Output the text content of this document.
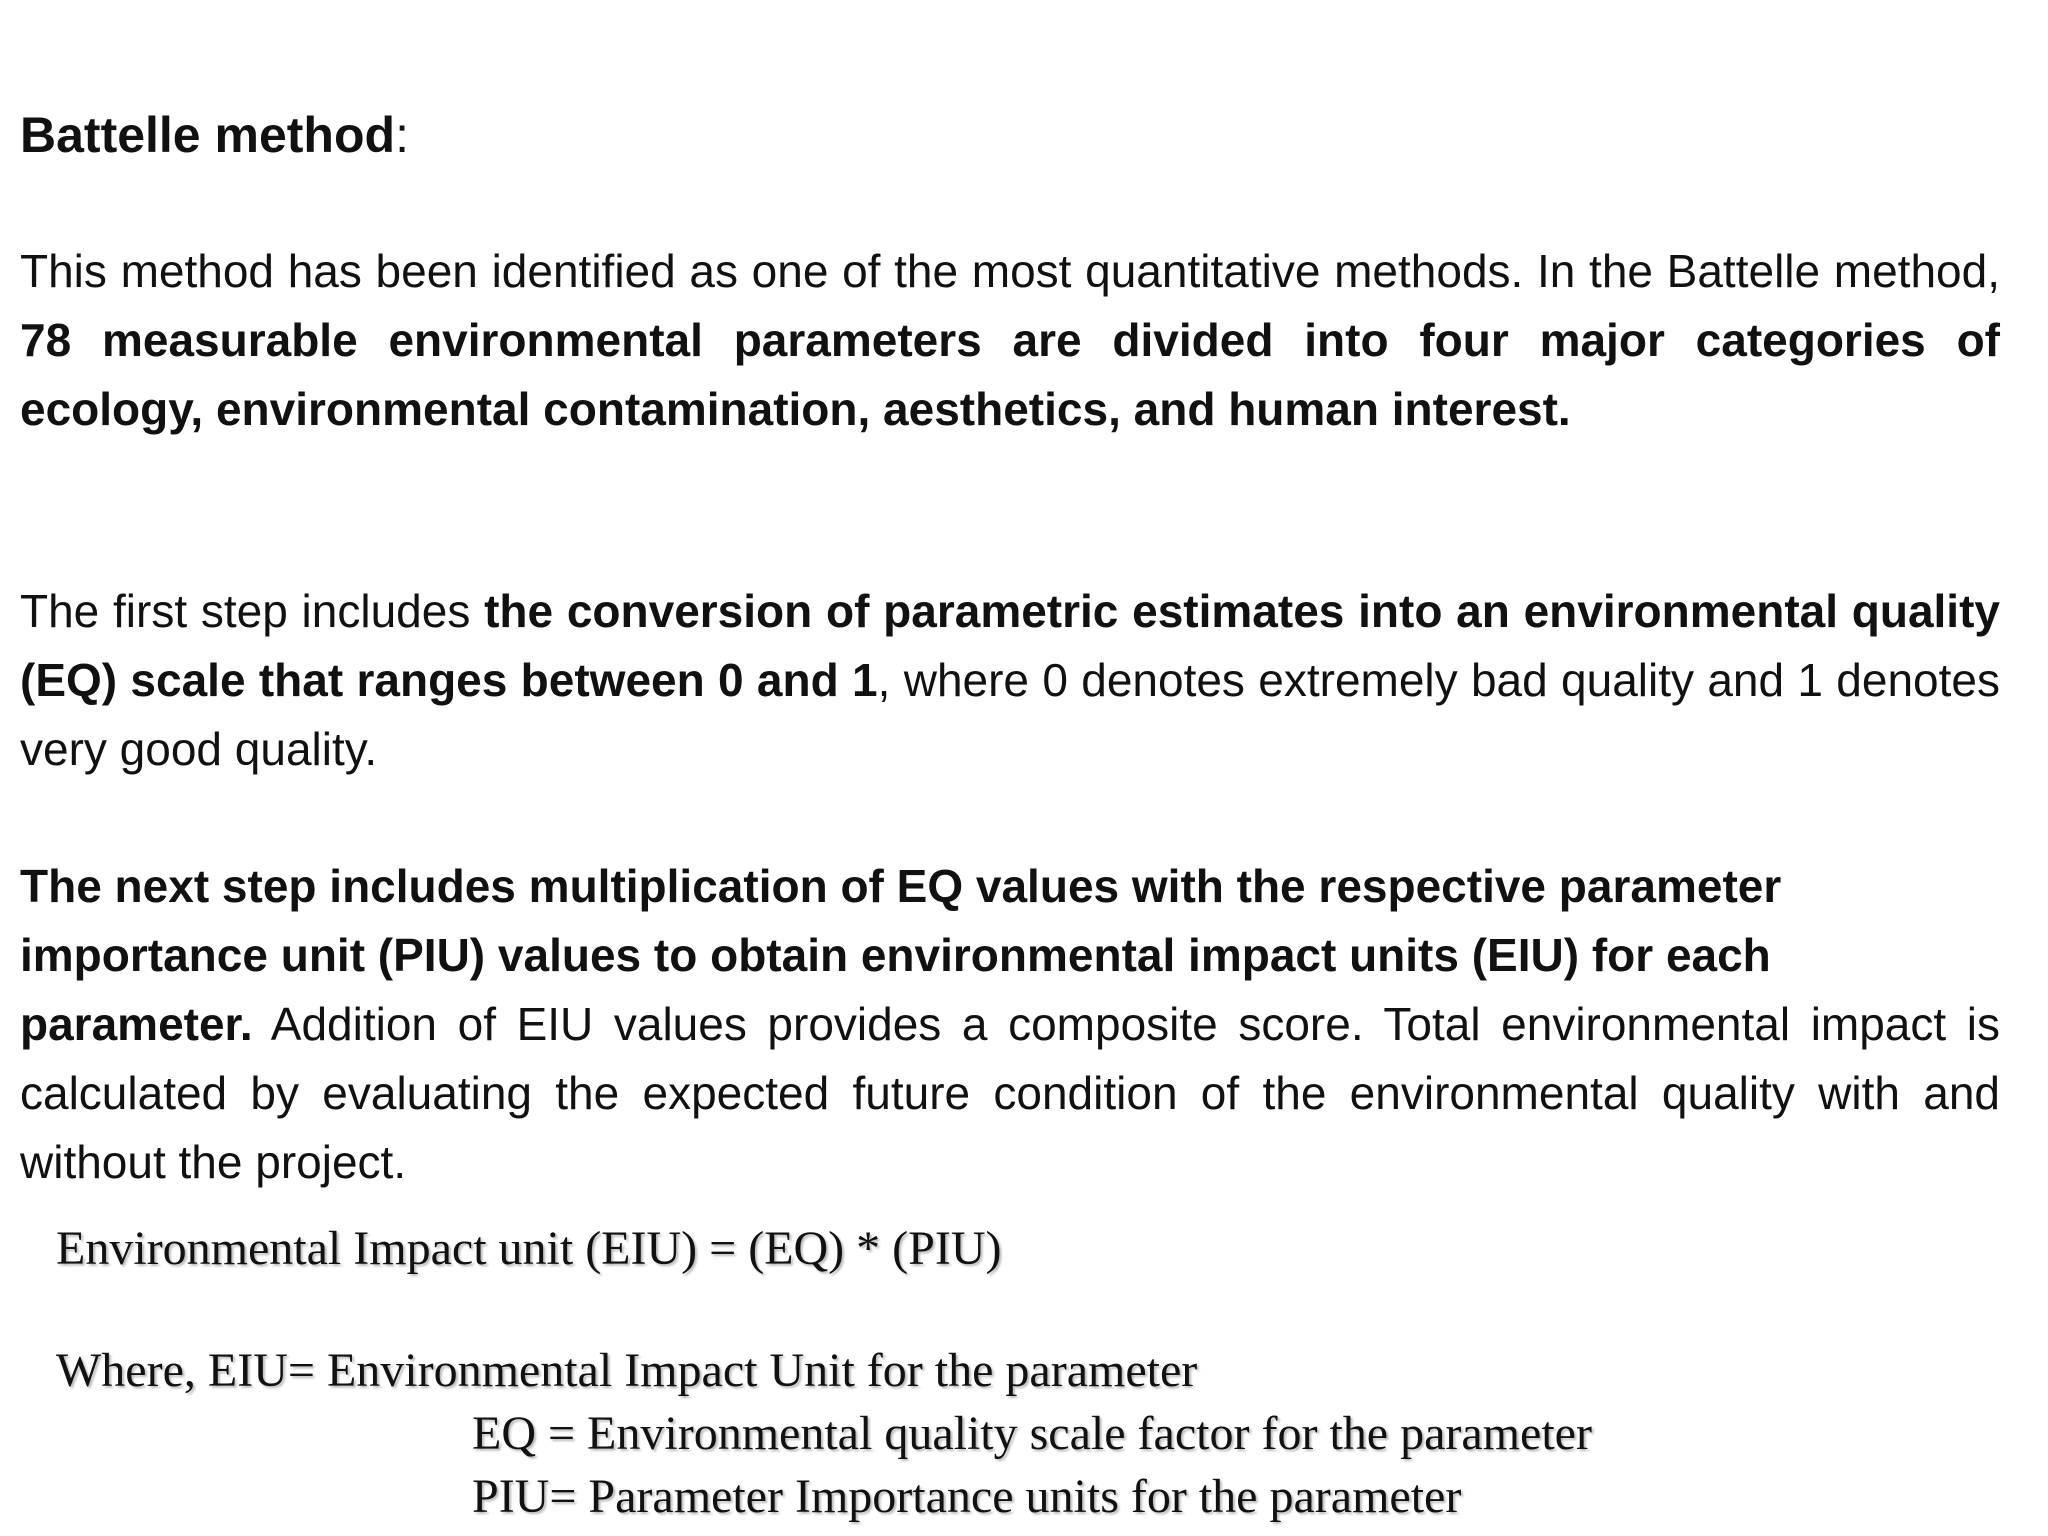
Battelle method:
This method has been identified as one of the most quantitative methods. In the Battelle method, 78 measurable environmental parameters are divided into four major categories of ecology, environmental contamination, aesthetics, and human interest.
The first step includes the conversion of parametric estimates into an environmental quality (EQ) scale that ranges between 0 and 1, where 0 denotes extremely bad quality and 1 denotes very good quality.
The next step includes multiplication of EQ values with the respective parameter
importance unit (PIU) values to obtain environmental impact units (EIU) for each
parameter. Addition of EIU values provides a composite score. Total environmental impact is calculated by evaluating the expected future condition of the environmental quality with and without the project.
Environmental Impact unit (EIU) = (EQ) * (PIU)
Where, EIU= Environmental Impact Unit for the parameter
EQ = Environmental quality scale factor for the parameter
PIU= Parameter Importance units for the parameter
